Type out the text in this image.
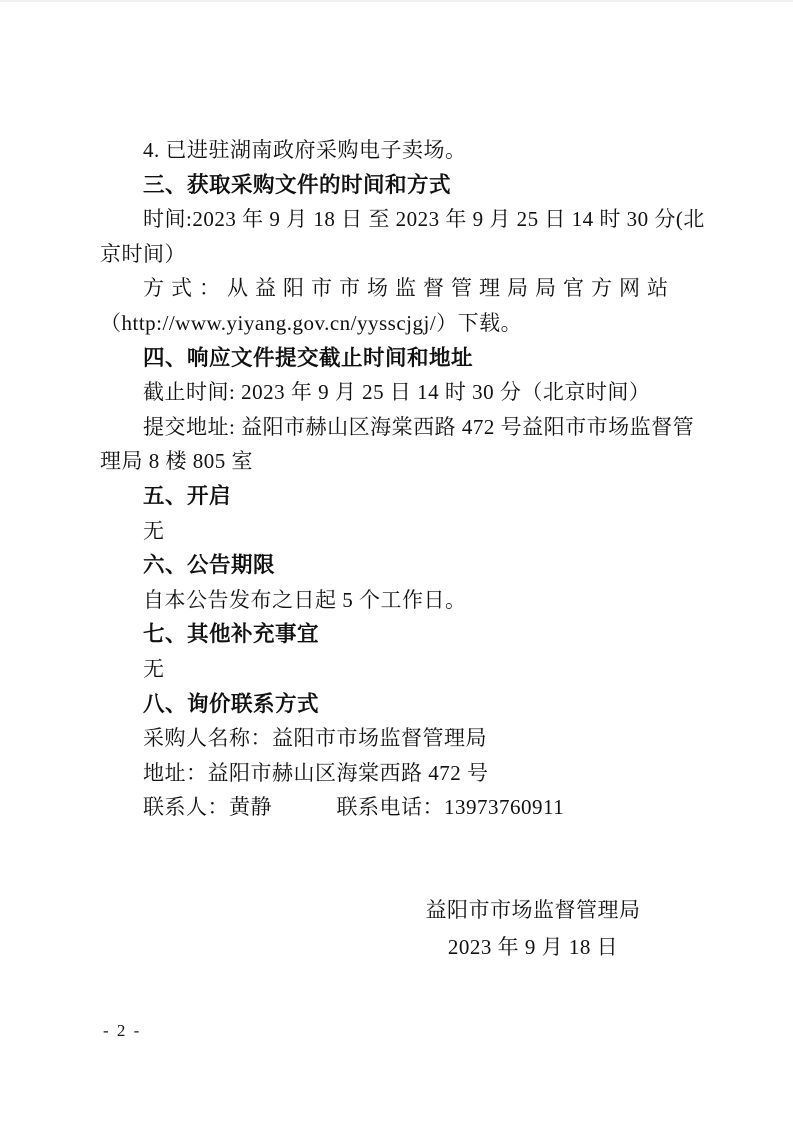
4. 已进驻湖南政府采购电子卖场。
三、获取采购文件的时间和方式
时间:2023 年 9 月 18 日 至 2023 年 9 月 25 日 14 时 30 分(北
京时间）
方式：从益阳市市场监督管理局局官方网站
（http://www.yiyang.gov.cn/yysscjgj/）下载。
四、响应文件提交截止时间和地址
截止时间: 2023 年 9 月 25 日 14 时 30 分（北京时间）
提交地址: 益阳市赫山区海棠西路 472 号益阳市市场监督管
理局 8 楼 805 室
五、开启
无
六、公告期限
自本公告发布之日起 5 个工作日。
七、其他补充事宜
无
八、询价联系方式
采购人名称：益阳市市场监督管理局
地址：益阳市赫山区海棠西路 472 号
联系人：黄静　　　联系电话：13973760911
益阳市市场监督管理局
2023 年 9 月 18 日
- 2 -
